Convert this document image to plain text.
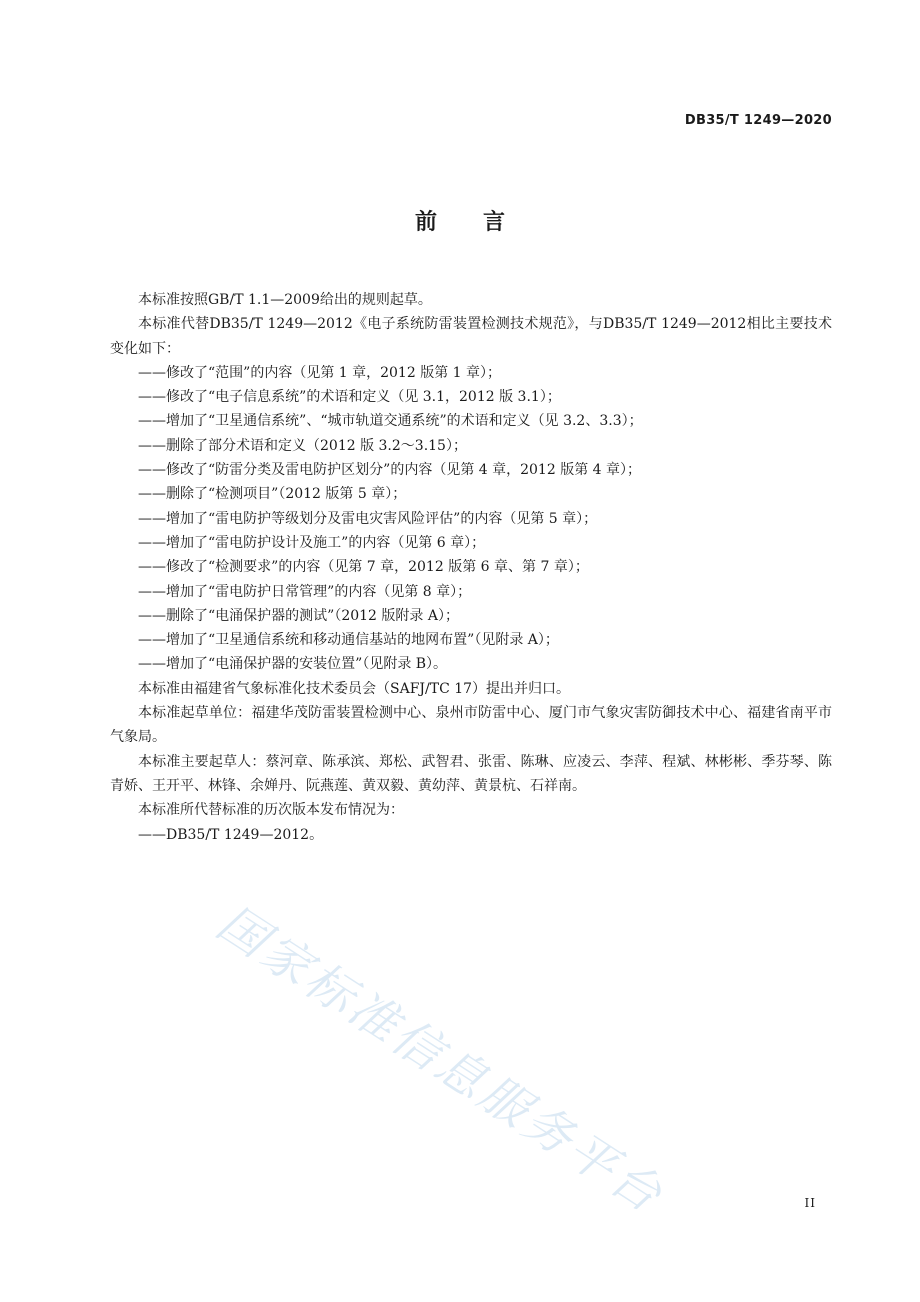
DB35/T 1249—2020
前 言

本标准按照GB/T 1.1—2009给出的规则起草。

本标准代替DB35/T 1249—2012《电子系统防雷装置检测技术规范》，与DB35/T 1249—2012相比主要技术变化如下：

——修改了“范围”的内容（见第 1 章，2012 版第 1 章）；

——修改了“电子信息系统”的术语和定义（见 3.1，2012 版 3.1）；

——增加了“卫星通信系统”、“城市轨道交通系统”的术语和定义（见 3.2、3.3）；

——删除了部分术语和定义（2012 版 3.2～3.15）；

——修改了“防雷分类及雷电防护区划分”的内容（见第 4 章，2012 版第 4 章）；

——删除了“检测项目”（2012 版第 5 章）；

——增加了“雷电防护等级划分及雷电灾害风险评估”的内容（见第 5 章）；

——增加了“雷电防护设计及施工”的内容（见第 6 章）；

——修改了“检测要求”的内容（见第 7 章，2012 版第 6 章、第 7 章）；

——增加了“雷电防护日常管理”的内容（见第 8 章）；

——删除了“电涌保护器的测试”（2012 版附录 A）；

——增加了“卫星通信系统和移动通信基站的地网布置”（见附录 A）；

——增加了“电涌保护器的安装位置”（见附录 B）。

本标准由福建省气象标准化技术委员会（SAFJ/TC 17）提出并归口。

本标准起草单位：福建华茂防雷装置检测中心、泉州市防雷中心、厦门市气象灾害防御技术中心、福建省南平市气象局。

本标准主要起草人：蔡河章、陈承滨、郑松、武智君、张雷、陈琳、应凌云、李萍、程斌、林彬彬、季芬琴、陈青娇、王开平、林锋、余婵丹、阮燕莲、黄双毅、黄幼萍、黄景杭、石祥南。

本标准所代替标准的历次版本发布情况为：

——DB35/T 1249—2012。

国家标准信息服务平台	II
